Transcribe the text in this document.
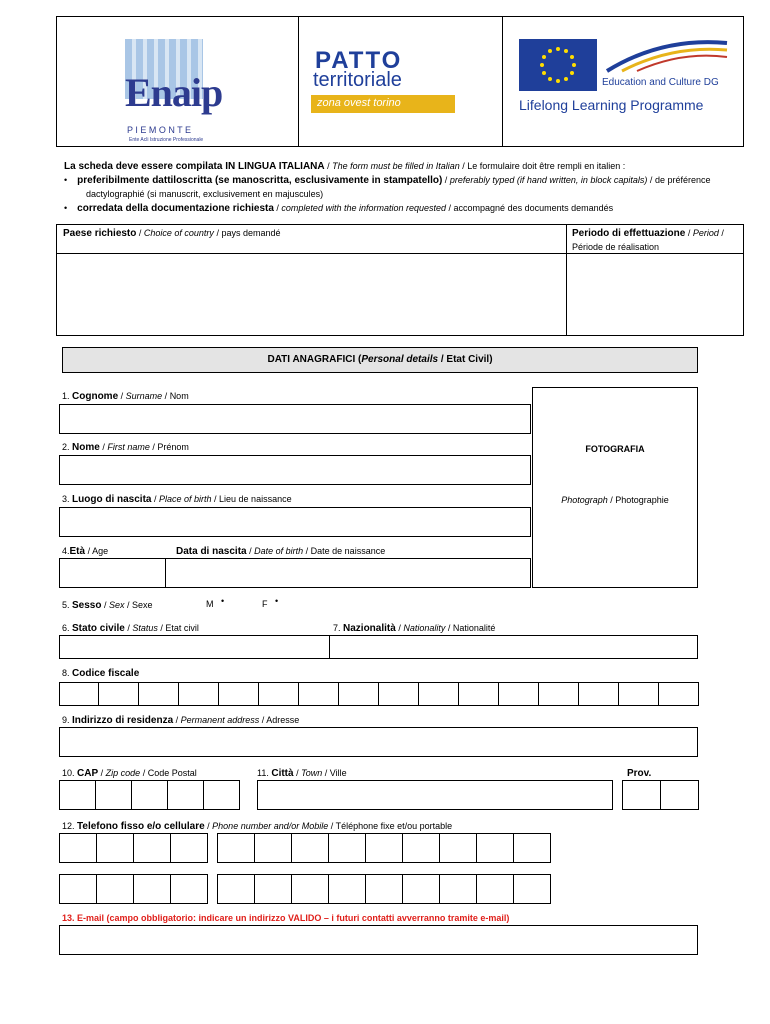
Enaip
P I E M O N T E
Ente Acli Istruzione Professionale
PATTO
territoriale
zona ovest torino
Education and Culture DG
Lifelong Learning Programme
La scheda deve essere compilata IN LINGUA ITALIANA / The form must be filled in Italian / Le formulaire doit être rempli en italien :
• preferibilmente dattiloscritta (se manoscritta, esclusivamente in stampatello) / preferably typed (if hand written, in block capitals) / de préférence
dactylographié (si manuscrit, exclusivement en majuscules)
• corredata della documentazione richiesta / completed with the information requested / accompagné des documents demandés
Paese richiesto / Choice of country / pays demandé	Periodo di effettuazione / Period /
Période de réalisation
DATI ANAGRAFICI (Personal details / Etat Civil)
FOTOGRAFIA
Photograph / Photographie
1. Cognome / Surname / Nom
2. Nome / First name / Prénom
3. Luogo di nascita / Place of birth / Lieu de naissance
4.Età / Age	Data di nascita / Date of birth / Date de naissance
5. Sesso / Sex / Sexe	M •	F •
6. Stato civile / Status / Etat civil	7. Nazionalità / Nationality / Nationalité
8. Codice fiscale
9. Indirizzo di residenza / Permanent address / Adresse
10. CAP / Zip code / Code Postal	11. Città / Town / Ville	Prov.
12. Telefono fisso e/o cellulare / Phone number and/or Mobile / Téléphone fixe et/ou portable
13. E-mail (campo obbligatorio: indicare un indirizzo VALIDO – i futuri contatti avverranno tramite e-mail)
